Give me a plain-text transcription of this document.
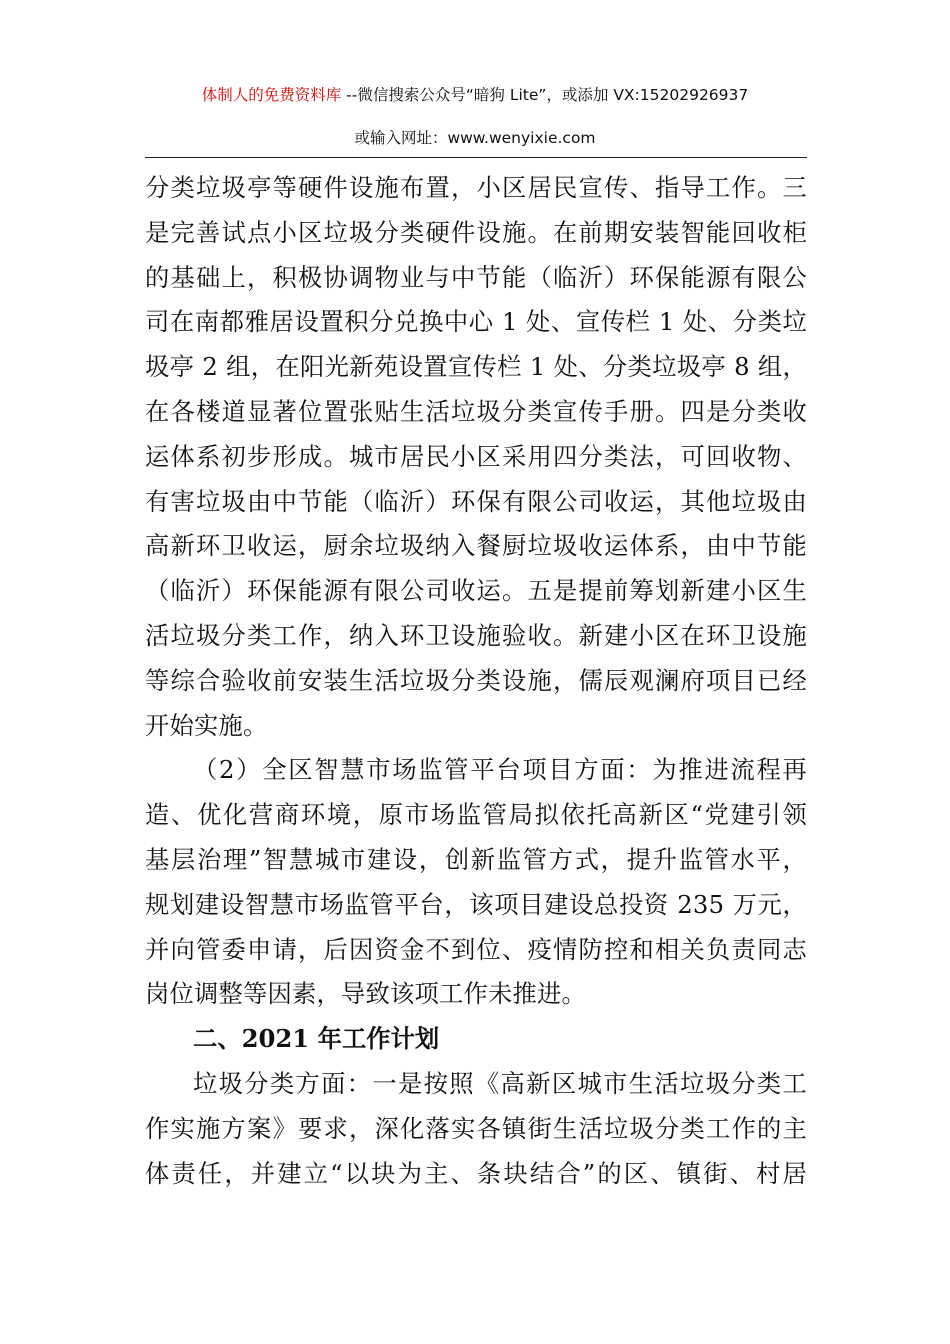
体制人的免费资料库 --微信搜索公众号“暗狗 Lite”，或添加 VX:15202926937
或输入网址：www.wenyixie.com

分类垃圾亭等硬件设施布置，小区居民宣传、指导工作。三
是完善试点小区垃圾分类硬件设施。在前期安装智能回收柜
的基础上，积极协调物业与中节能（临沂）环保能源有限公
司在南都雅居设置积分兑换中心 1 处、宣传栏 1 处、分类垃
圾亭 2 组，在阳光新苑设置宣传栏 1 处、分类垃圾亭 8 组，
在各楼道显著位置张贴生活垃圾分类宣传手册。四是分类收
运体系初步形成。城市居民小区采用四分类法，可回收物、
有害垃圾由中节能（临沂）环保有限公司收运，其他垃圾由
高新环卫收运，厨余垃圾纳入餐厨垃圾收运体系，由中节能
（临沂）环保能源有限公司收运。五是提前筹划新建小区生
活垃圾分类工作，纳入环卫设施验收。新建小区在环卫设施
等综合验收前安装生活垃圾分类设施，儒辰观澜府项目已经
开始实施。

（2）全区智慧市场监管平台项目方面：为推进流程再
造、优化营商环境，原市场监管局拟依托高新区“党建引领
基层治理”智慧城市建设，创新监管方式，提升监管水平，
规划建设智慧市场监管平台，该项目建设总投资 235 万元，
并向管委申请，后因资金不到位、疫情防控和相关负责同志
岗位调整等因素，导致该项工作未推进。

二、2021 年工作计划

垃圾分类方面：一是按照《高新区城市生活垃圾分类工
作实施方案》要求，深化落实各镇街生活垃圾分类工作的主
体责任，并建立“以块为主、条块结合”的区、镇街、村居
